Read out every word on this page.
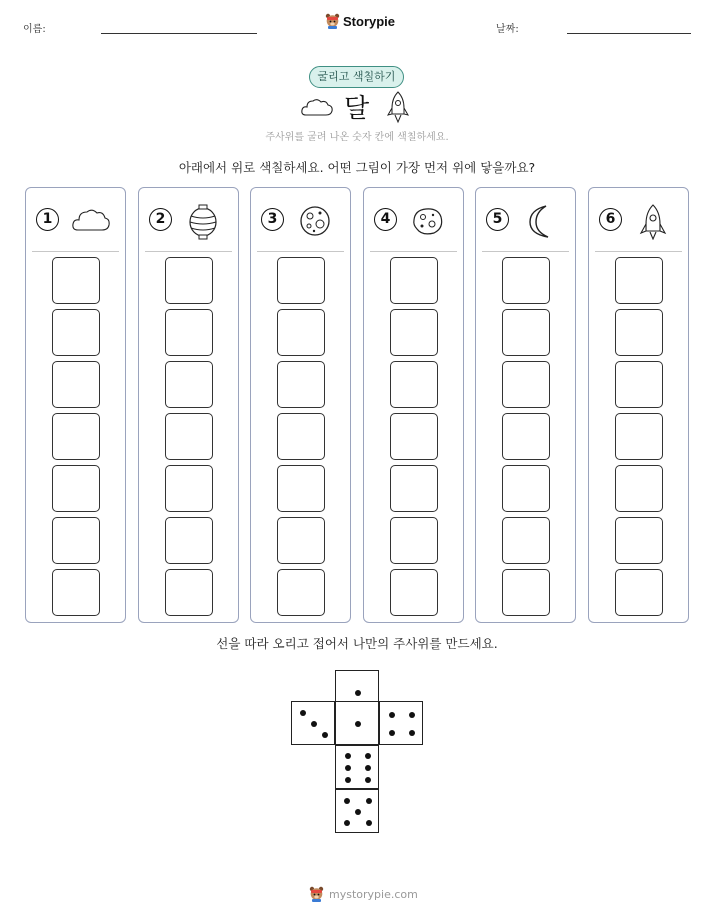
이름:
Storypie
날짜:
굴리고 색칠하기
달
주사위를 굴려 나온 숫자 칸에 색칠하세요.
아래에서 위로 색칠하세요. 어떤 그림이 가장 먼저 위에 닿을까요?
1	2	3	4	5	6
선을 따라 오리고 접어서 나만의 주사위를 만드세요.
mystorypie.com
